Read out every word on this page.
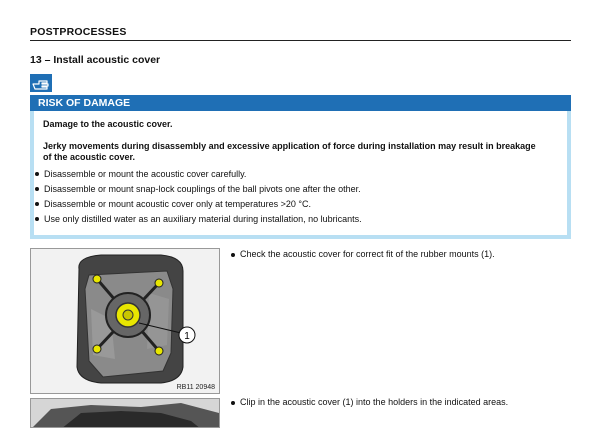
POSTPROCESSES
13 – Install acoustic cover
RISK OF DAMAGE
Damage to the acoustic cover.
Jerky movements during disassembly and excessive application of force during installation may result in breakage of the acoustic cover.
Disassemble or mount the acoustic cover carefully.
Disassemble or mount snap-lock couplings of the ball pivots one after the other.
Disassemble or mount acoustic cover only at temperatures >20 °C.
Use only distilled water as an auxiliary material during installation, no lubricants.
1
RB11 20948
Check the acoustic cover for correct fit of the rubber mounts (1).
Clip in the acoustic cover (1) into the holders in the indicated areas.
